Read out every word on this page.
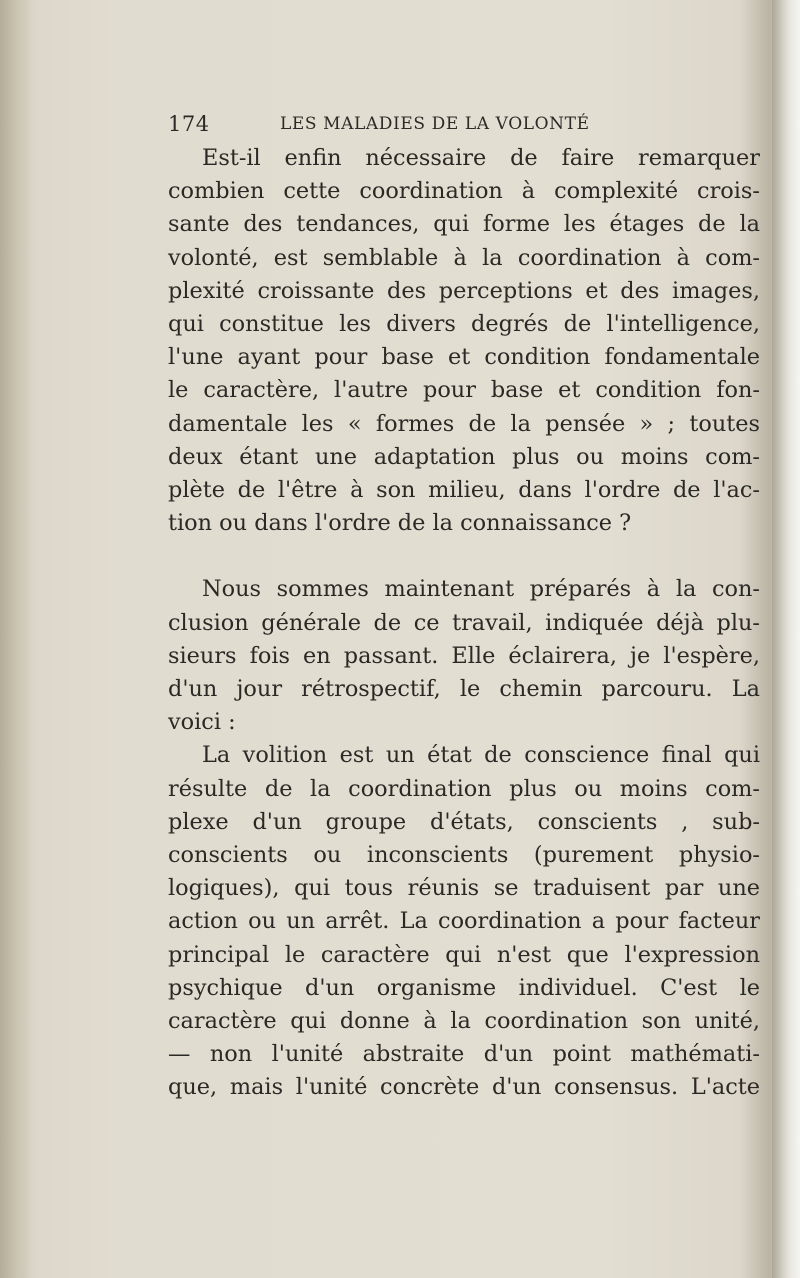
174	LES MALADIES DE LA VOLONTÉ
Est-il enfin nécessaire de faire remarquer
combien cette coordination à complexité crois-
sante des tendances, qui forme les étages de la
volonté, est semblable à la coordination à com-
plexité croissante des perceptions et des images,
qui constitue les divers degrés de l'intelligence,
l'une ayant pour base et condition fondamentale
le caractère, l'autre pour base et condition fon-
damentale les « formes de la pensée » ; toutes
deux étant une adaptation plus ou moins com-
plète de l'être à son milieu, dans l'ordre de l'ac-
tion ou dans l'ordre de la connaissance ?
Nous sommes maintenant préparés à la con-
clusion générale de ce travail, indiquée déjà plu-
sieurs fois en passant. Elle éclairera, je l'espère,
d'un jour rétrospectif, le chemin parcouru. La
voici :
La volition est un état de conscience final qui
résulte de la coordination plus ou moins com-
plexe d'un groupe d'états, conscients , sub-
conscients ou inconscients (purement physio-
logiques), qui tous réunis se traduisent par une
action ou un arrêt. La coordination a pour facteur
principal le caractère qui n'est que l'expression
psychique d'un organisme individuel. C'est le
caractère qui donne à la coordination son unité,
— non l'unité abstraite d'un point mathémati-
que, mais l'unité concrète d'un consensus. L'acte
